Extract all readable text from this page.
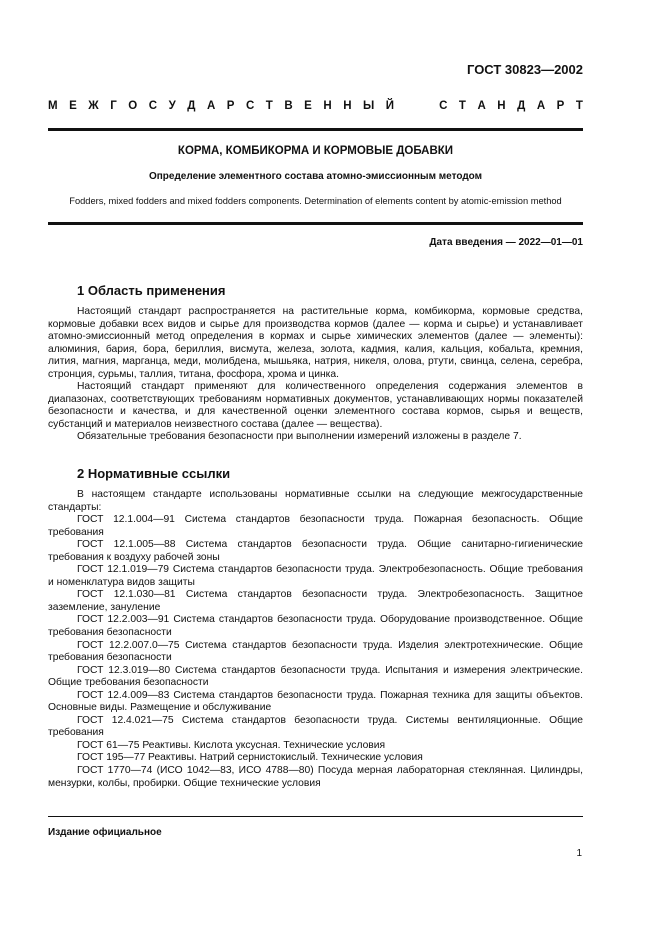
ГОСТ 30823—2002
М Е Ж Г О С У Д А Р С Т В Е Н Н Ы Й	С Т А Н Д А Р Т
КОРМА, КОМБИКОРМА И КОРМОВЫЕ ДОБАВКИ
Определение элементного состава атомно-эмиссионным методом
Fodders, mixed fodders and mixed fodders components. Determination of elements content by atomic-emission method
Дата введения — 2022—01—01
1 Область применения

Настоящий стандарт распространяется на растительные корма, комбикорма, кормовые средства, кормовые добавки всех видов и сырье для производства кормов (далее — корма и сырье) и устанавливает атомно-эмиссионный метод определения в кормах и сырье химических элементов (далее — элементы): алюминия, бария, бора, бериллия, висмута, железа, золота, кадмия, калия, кальция, кобальта, кремния, лития, магния, марганца, меди, молибдена, мышьяка, натрия, никеля, олова, ртути, свинца, селена, серебра, стронция, сурьмы, таллия, титана, фосфора, хрома и цинка.

Настоящий стандарт применяют для количественного определения содержания элементов в диапазонах, соответствующих требованиям нормативных документов, устанавливающих нормы показателей безопасности и качества, и для качественной оценки элементного состава кормов, сырья и веществ, субстанций и материалов неизвестного состава (далее — вещества).

Обязательные требования безопасности при выполнении измерений изложены в разделе 7.

2 Нормативные ссылки

В настоящем стандарте использованы нормативные ссылки на следующие межгосударственные стандарты:

ГОСТ 12.1.004—91 Система стандартов безопасности труда. Пожарная безопасность. Общие требования

ГОСТ 12.1.005—88 Система стандартов безопасности труда. Общие санитарно-гигиенические требования к воздуху рабочей зоны

ГОСТ 12.1.019—79 Система стандартов безопасности труда. Электробезопасность. Общие требования и номенклатура видов защиты

ГОСТ 12.1.030—81 Система стандартов безопасности труда. Электробезопасность. Защитное заземление, зануление

ГОСТ 12.2.003—91 Система стандартов безопасности труда. Оборудование производственное. Общие требования безопасности

ГОСТ 12.2.007.0—75 Система стандартов безопасности труда. Изделия электротехнические. Общие требования безопасности

ГОСТ 12.3.019—80 Система стандартов безопасности труда. Испытания и измерения электрические. Общие требования безопасности

ГОСТ 12.4.009—83 Система стандартов безопасности труда. Пожарная техника для защиты объектов. Основные виды. Размещение и обслуживание

ГОСТ 12.4.021—75 Система стандартов безопасности труда. Системы вентиляционные. Общие требования

ГОСТ 61—75 Реактивы. Кислота уксусная. Технические условия

ГОСТ 195—77 Реактивы. Натрий сернистокислый. Технические условия

ГОСТ 1770—74 (ИСО 1042—83, ИСО 4788—80) Посуда мерная лабораторная стеклянная. Цилиндры, мензурки, колбы, пробирки. Общие технические условия

Издание официальное
1
